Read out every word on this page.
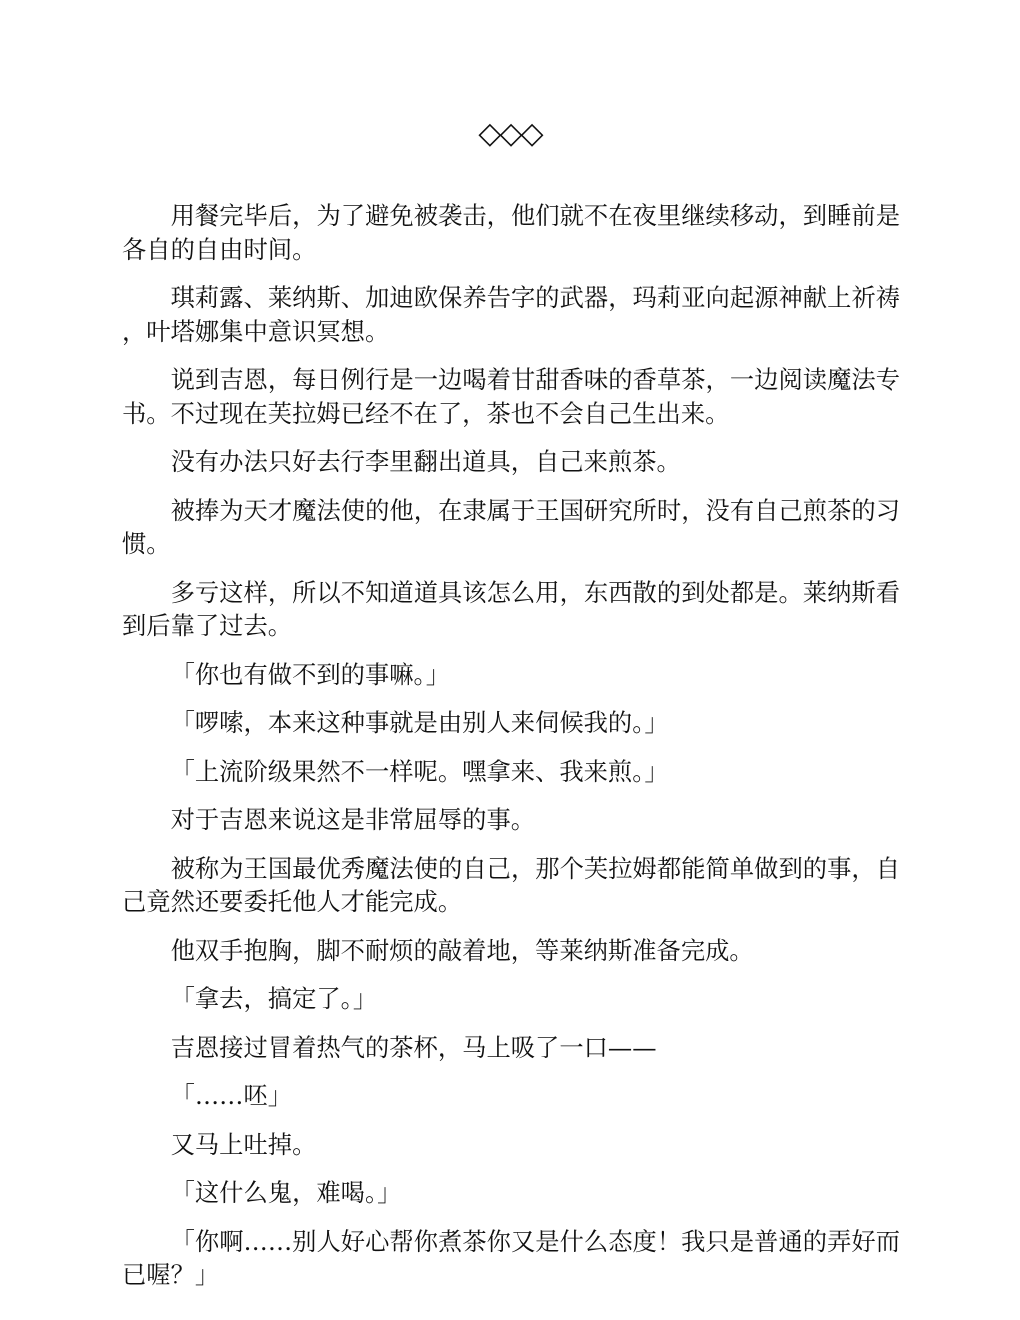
◇◇◇

用餐完毕后，为了避免被袭击，他们就不在夜里继续移动，到睡前是各自的自由时间。

琪莉露、莱纳斯、加迪欧保养告字的武器，玛莉亚向起源神献上祈祷，叶塔娜集中意识冥想。

说到吉恩，每日例行是一边喝着甘甜香味的香草茶，一边阅读魔法专书。不过现在芙拉姆已经不在了，茶也不会自己生出来。

没有办法只好去行李里翻出道具，自己来煎茶。

被捧为天才魔法使的他，在隶属于王国研究所时，没有自己煎茶的习惯。

多亏这样，所以不知道道具该怎么用，东西散的到处都是。莱纳斯看到后靠了过去。

「你也有做不到的事嘛。」

「啰嗦，本来这种事就是由别人来伺候我的。」

「上流阶级果然不一样呢。嘿拿来、我来煎。」

对于吉恩来说这是非常屈辱的事。

被称为王国最优秀魔法使的自己，那个芙拉姆都能简单做到的事，自己竟然还要委托他人才能完成。

他双手抱胸，脚不耐烦的敲着地，等莱纳斯准备完成。

「拿去，搞定了。」

吉恩接过冒着热气的茶杯，马上吸了一口——

「……呸」

又马上吐掉。

「这什么鬼，难喝。」

「你啊……别人好心帮你煮茶你又是什么态度！我只是普通的弄好而已喔？」
